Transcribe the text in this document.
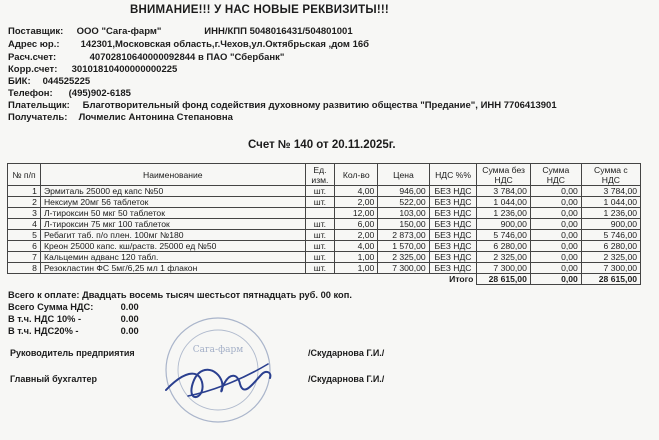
ВНИМАНИЕ!!! У НАС НОВЫЕ РЕКВИЗИТЫ!!!
Поставщик: ООО "Сага-фарм"	ИНН/КПП 5048016431/504801001
Адрес юр.: 142301,Московская область,г.Чехов,ул.Октябрьская ,дом 16б
Расч.счет:	40702810640000092844 в ПАО "Сбербанк"
Корр.счет: 30101810400000000225
БИК: 044525225
Телефон: (495)902-6185
Плательщик: Благотворительный фонд содействия духовному развитию общества "Предание", ИНН 7706413901
Получатель: Лочмелис Антонина Степановна
Счет № 140 от 20.11.2025г.
№ п/п	Наименование	Ед. изм.	Кол-во	Цена	НДС %%	Сумма без НДС	Сумма НДС	Сумма с НДС
1	Эрмиталь 25000 ед капс №50	шт.	4,00	946,00	БЕЗ НДС	3 784,00	0,00	3 784,00
2	Нексиум 20мг 56 таблеток	шт.	2,00	522,00	БЕЗ НДС	1 044,00	0,00	1 044,00
3	Л-тироксин 50 мкг 50 таблеток		12,00	103,00	БЕЗ НДС	1 236,00	0,00	1 236,00
4	Л-тироксин 75 мкг 100 таблеток	шт.	6,00	150,00	БЕЗ НДС	900,00	0,00	900,00
5	Ребагит таб. п/о плен. 100мг №180	шт.	2,00	2 873,00	БЕЗ НДС	5 746,00	0,00	5 746,00
6	Креон 25000 капс. кш/раств. 25000 ед №50	шт.	4,00	1 570,00	БЕЗ НДС	6 280,00	0,00	6 280,00
7	Кальцемин адванс 120 табл.	шт.	1,00	2 325,00	БЕЗ НДС	2 325,00	0,00	2 325,00
8	Резокластин ФС 5мг/6,25 мл 1 флакон	шт.	1,00	7 300,00	БЕЗ НДС	7 300,00	0,00	7 300,00
					Итого	28 615,00	0,00	28 615,00
Всего к оплате: Двадцать восемь тысяч шестьсот пятнадцать руб. 00 коп.
Всего Сумма НДС:	0.00
В т.ч. НДС 10% -	0.00
В т.ч. НДС20% -	0.00
Руководитель предприятия	/Скударнова Г.И./
Главный бухгалтер	/Скударнова Г.И./
Сага-фарм
